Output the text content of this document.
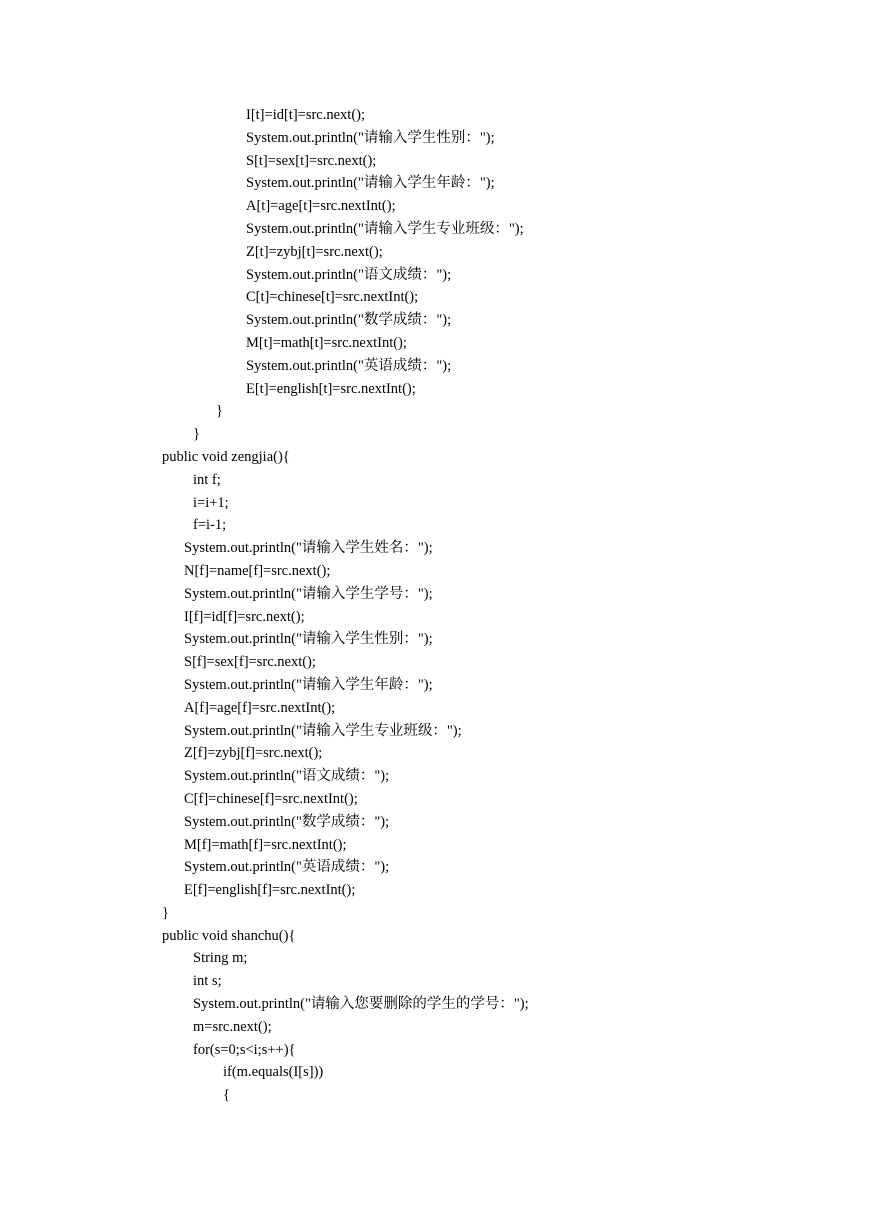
I[t]=id[t]=src.next();
System.out.println("请输入学生性别：");
S[t]=sex[t]=src.next();
System.out.println("请输入学生年龄：");
A[t]=age[t]=src.nextInt();
System.out.println("请输入学生专业班级：");
Z[t]=zybj[t]=src.next();
System.out.println("语文成绩：");
C[t]=chinese[t]=src.nextInt();
System.out.println("数学成绩：");
M[t]=math[t]=src.nextInt();
System.out.println("英语成绩：");
E[t]=english[t]=src.nextInt();
}
}
public void zengjia(){
int f;
i=i+1;
f=i-1;
System.out.println("请输入学生姓名：");
N[f]=name[f]=src.next();
System.out.println("请输入学生学号：");
I[f]=id[f]=src.next();
System.out.println("请输入学生性别：");
S[f]=sex[f]=src.next();
System.out.println("请输入学生年龄：");
A[f]=age[f]=src.nextInt();
System.out.println("请输入学生专业班级：");
Z[f]=zybj[f]=src.next();
System.out.println("语文成绩：");
C[f]=chinese[f]=src.nextInt();
System.out.println("数学成绩：");
M[f]=math[f]=src.nextInt();
System.out.println("英语成绩：");
E[f]=english[f]=src.nextInt();
}
public void shanchu(){
String m;
int s;
System.out.println("请输入您要删除的学生的学号：");
m=src.next();
for(s=0;s<i;s++){
if(m.equals(I[s]))
{
